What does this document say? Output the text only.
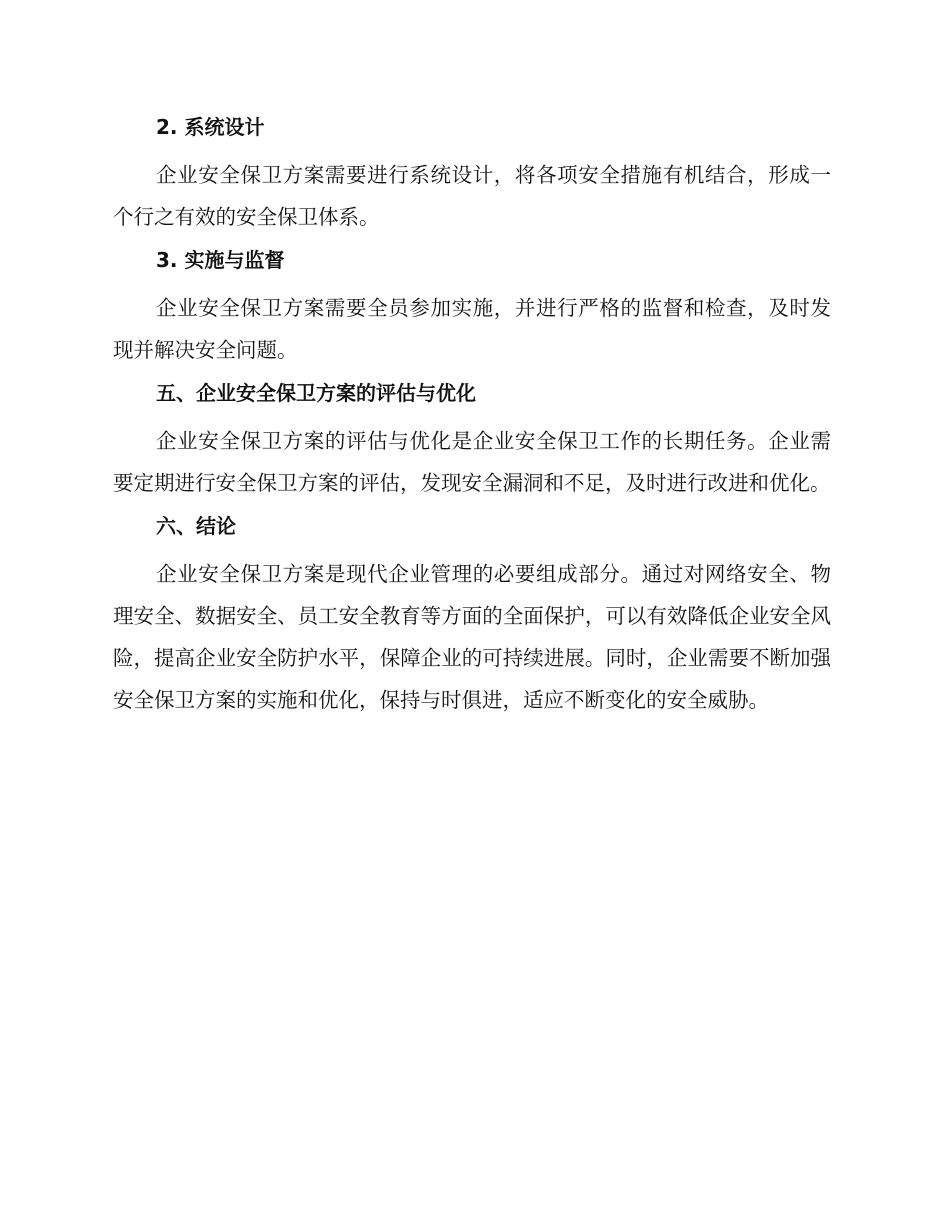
2. 系统设计

企业安全保卫方案需要进行系统设计，将各项安全措施有机结合，形成一个行之有效的安全保卫体系。

3. 实施与监督

企业安全保卫方案需要全员参加实施，并进行严格的监督和检查，及时发现并解决安全问题。

五、企业安全保卫方案的评估与优化

企业安全保卫方案的评估与优化是企业安全保卫工作的长期任务。企业需要定期进行安全保卫方案的评估，发现安全漏洞和不足，及时进行改进和优化。

六、结论

企业安全保卫方案是现代企业管理的必要组成部分。通过对网络安全、物理安全、数据安全、员工安全教育等方面的全面保护，可以有效降低企业安全风险，提高企业安全防护水平，保障企业的可持续进展。同时，企业需要不断加强安全保卫方案的实施和优化，保持与时俱进，适应不断变化的安全威胁。
